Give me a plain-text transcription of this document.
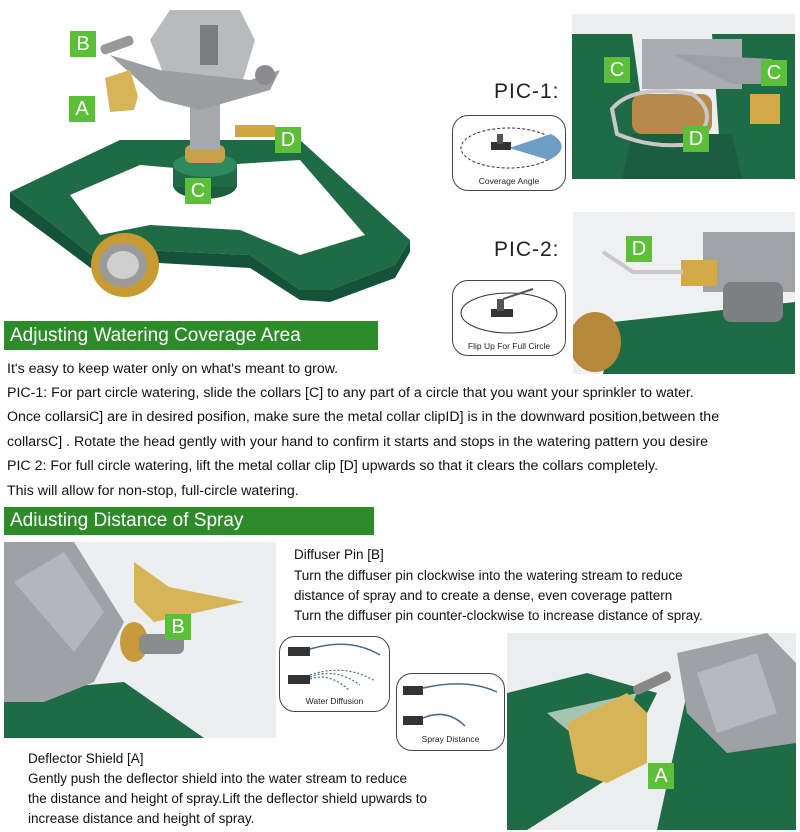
B
A
C
D
PIC-1:
Coverage Angle
C	C
D
PIC-2:
Flip Up For Full Circle
D
Adjusting Watering Coverage Area
It's easy to keep water only on what's meant to grow.
PIC-1: For part circle watering, slide the collars [C] to any part of a circle that you want your sprinkler to water.
Once collarsiC] are in desired posifion, make sure the metal collar clipID] is in the downward position,between the
collarsC] . Rotate the head gently with your hand to confirm it starts and stops in the watering pattern you desire
PIC 2: For full circle watering, lift the metal collar clip [D] upwards so that it clears the collars completely.
This will allow for non-stop, full-circle watering.
Adiusting Distance of Spray
B
Diffuser Pin [B]
Turn the diffuser pin clockwise into the watering stream to reduce
distance of spray and to create a dense, even coverage pattern
Turn the diffuser pin counter-clockwise to increase distance of spray.
Water Diffusion
Spray Distance
A
Deflector Shield [A]
Gently push the deflector shield into the water stream to reduce
the distance and height of spray.Lift the deflector shield upwards to
increase distance and height of spray.
